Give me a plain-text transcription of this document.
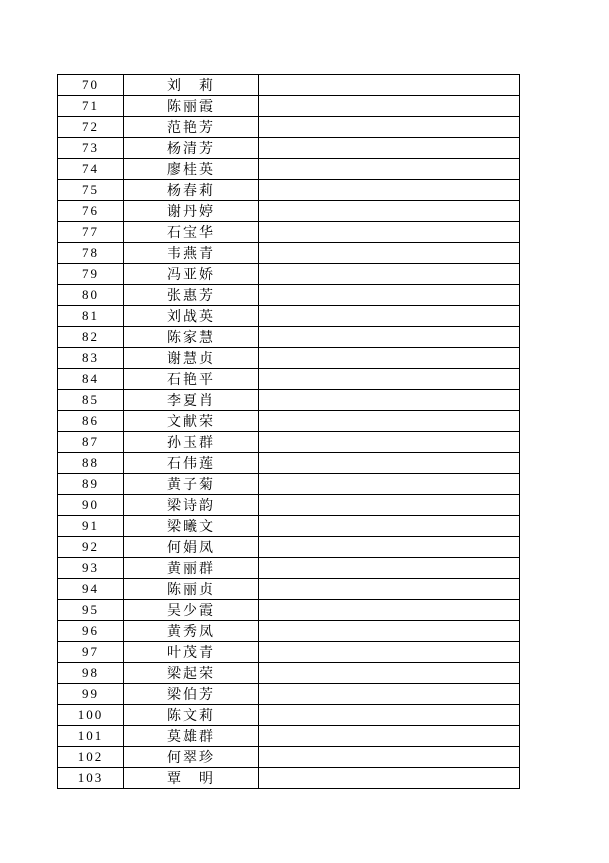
70	刘　莉	
71	陈丽霞	
72	范艳芳	
73	杨清芳	
74	廖桂英	
75	杨春莉	
76	谢丹婷	
77	石宝华	
78	韦燕青	
79	冯亚娇	
80	张惠芳	
81	刘战英	
82	陈家慧	
83	谢慧贞	
84	石艳平	
85	李夏肖	
86	文献荣	
87	孙玉群	
88	石伟莲	
89	黄子菊	
90	梁诗韵	
91	梁曦文	
92	何娟凤	
93	黄丽群	
94	陈丽贞	
95	吴少霞	
96	黄秀凤	
97	叶茂青	
98	梁起荣	
99	梁伯芳	
100	陈文莉	
101	莫雄群	
102	何翠珍	
103	覃　明	
